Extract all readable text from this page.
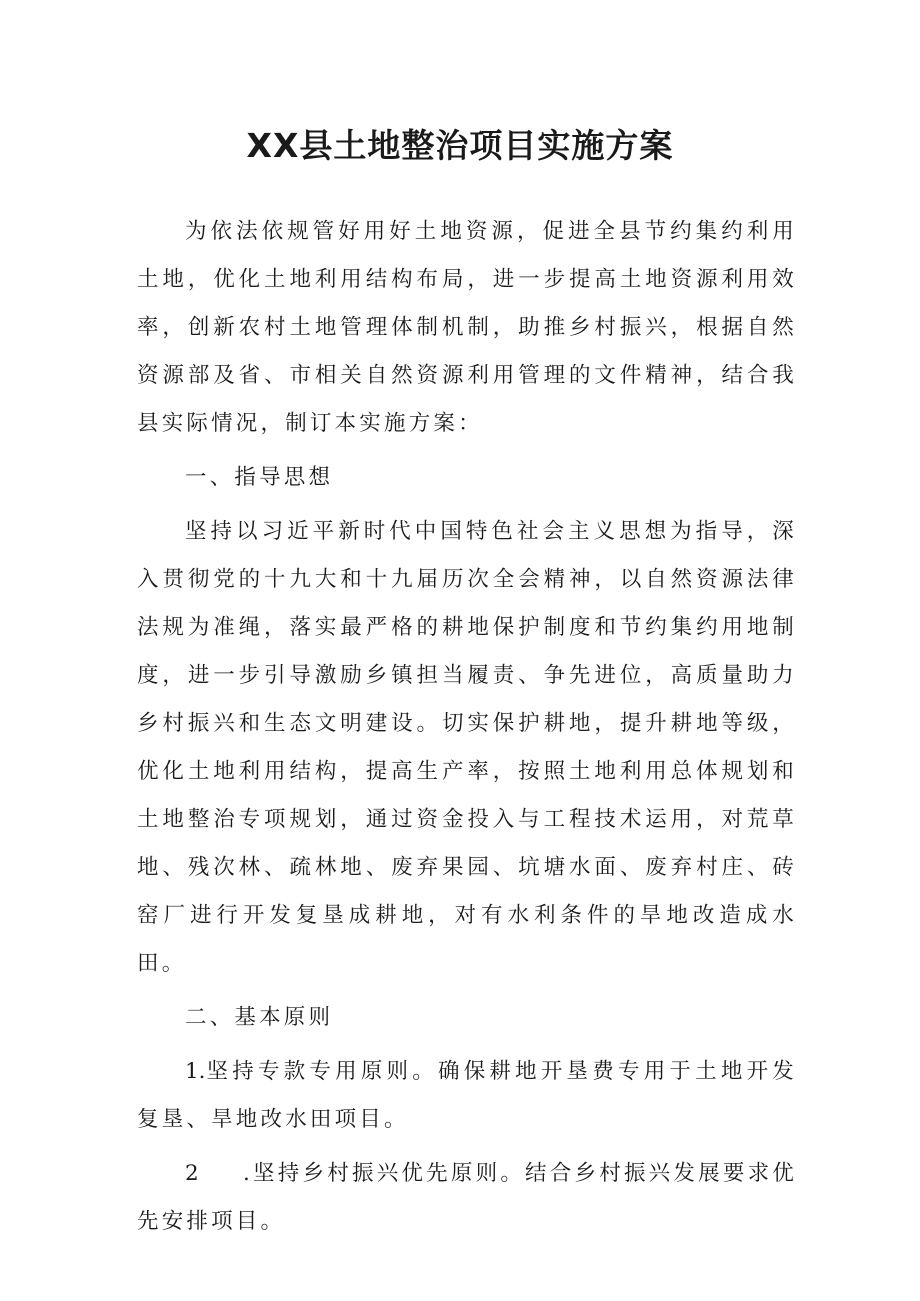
XX县土地整治项目实施方案

为依法依规管好用好土地资源，促进全县节约集约利用土地，优化土地利用结构布局，进一步提高土地资源利用效率，创新农村土地管理体制机制，助推乡村振兴，根据自然资源部及省、市相关自然资源利用管理的文件精神，结合我县实际情况，制订本实施方案：

一、指导思想

坚持以习近平新时代中国特色社会主义思想为指导，深入贯彻党的十九大和十九届历次全会精神，以自然资源法律法规为准绳，落实最严格的耕地保护制度和节约集约用地制度，进一步引导激励乡镇担当履责、争先进位，高质量助力乡村振兴和生态文明建设。切实保护耕地，提升耕地等级，优化土地利用结构，提高生产率，按照土地利用总体规划和土地整治专项规划，通过资金投入与工程技术运用，对荒草地、残次林、疏林地、废弃果园、坑塘水面、废弃村庄、砖窑厂进行开发复垦成耕地，对有水利条件的旱地改造成水田。

二、基本原则

1.坚持专款专用原则。确保耕地开垦费专用于土地开发复垦、旱地改水田项目。

2 .坚持乡村振兴优先原则。结合乡村振兴发展要求优先安排项目。
